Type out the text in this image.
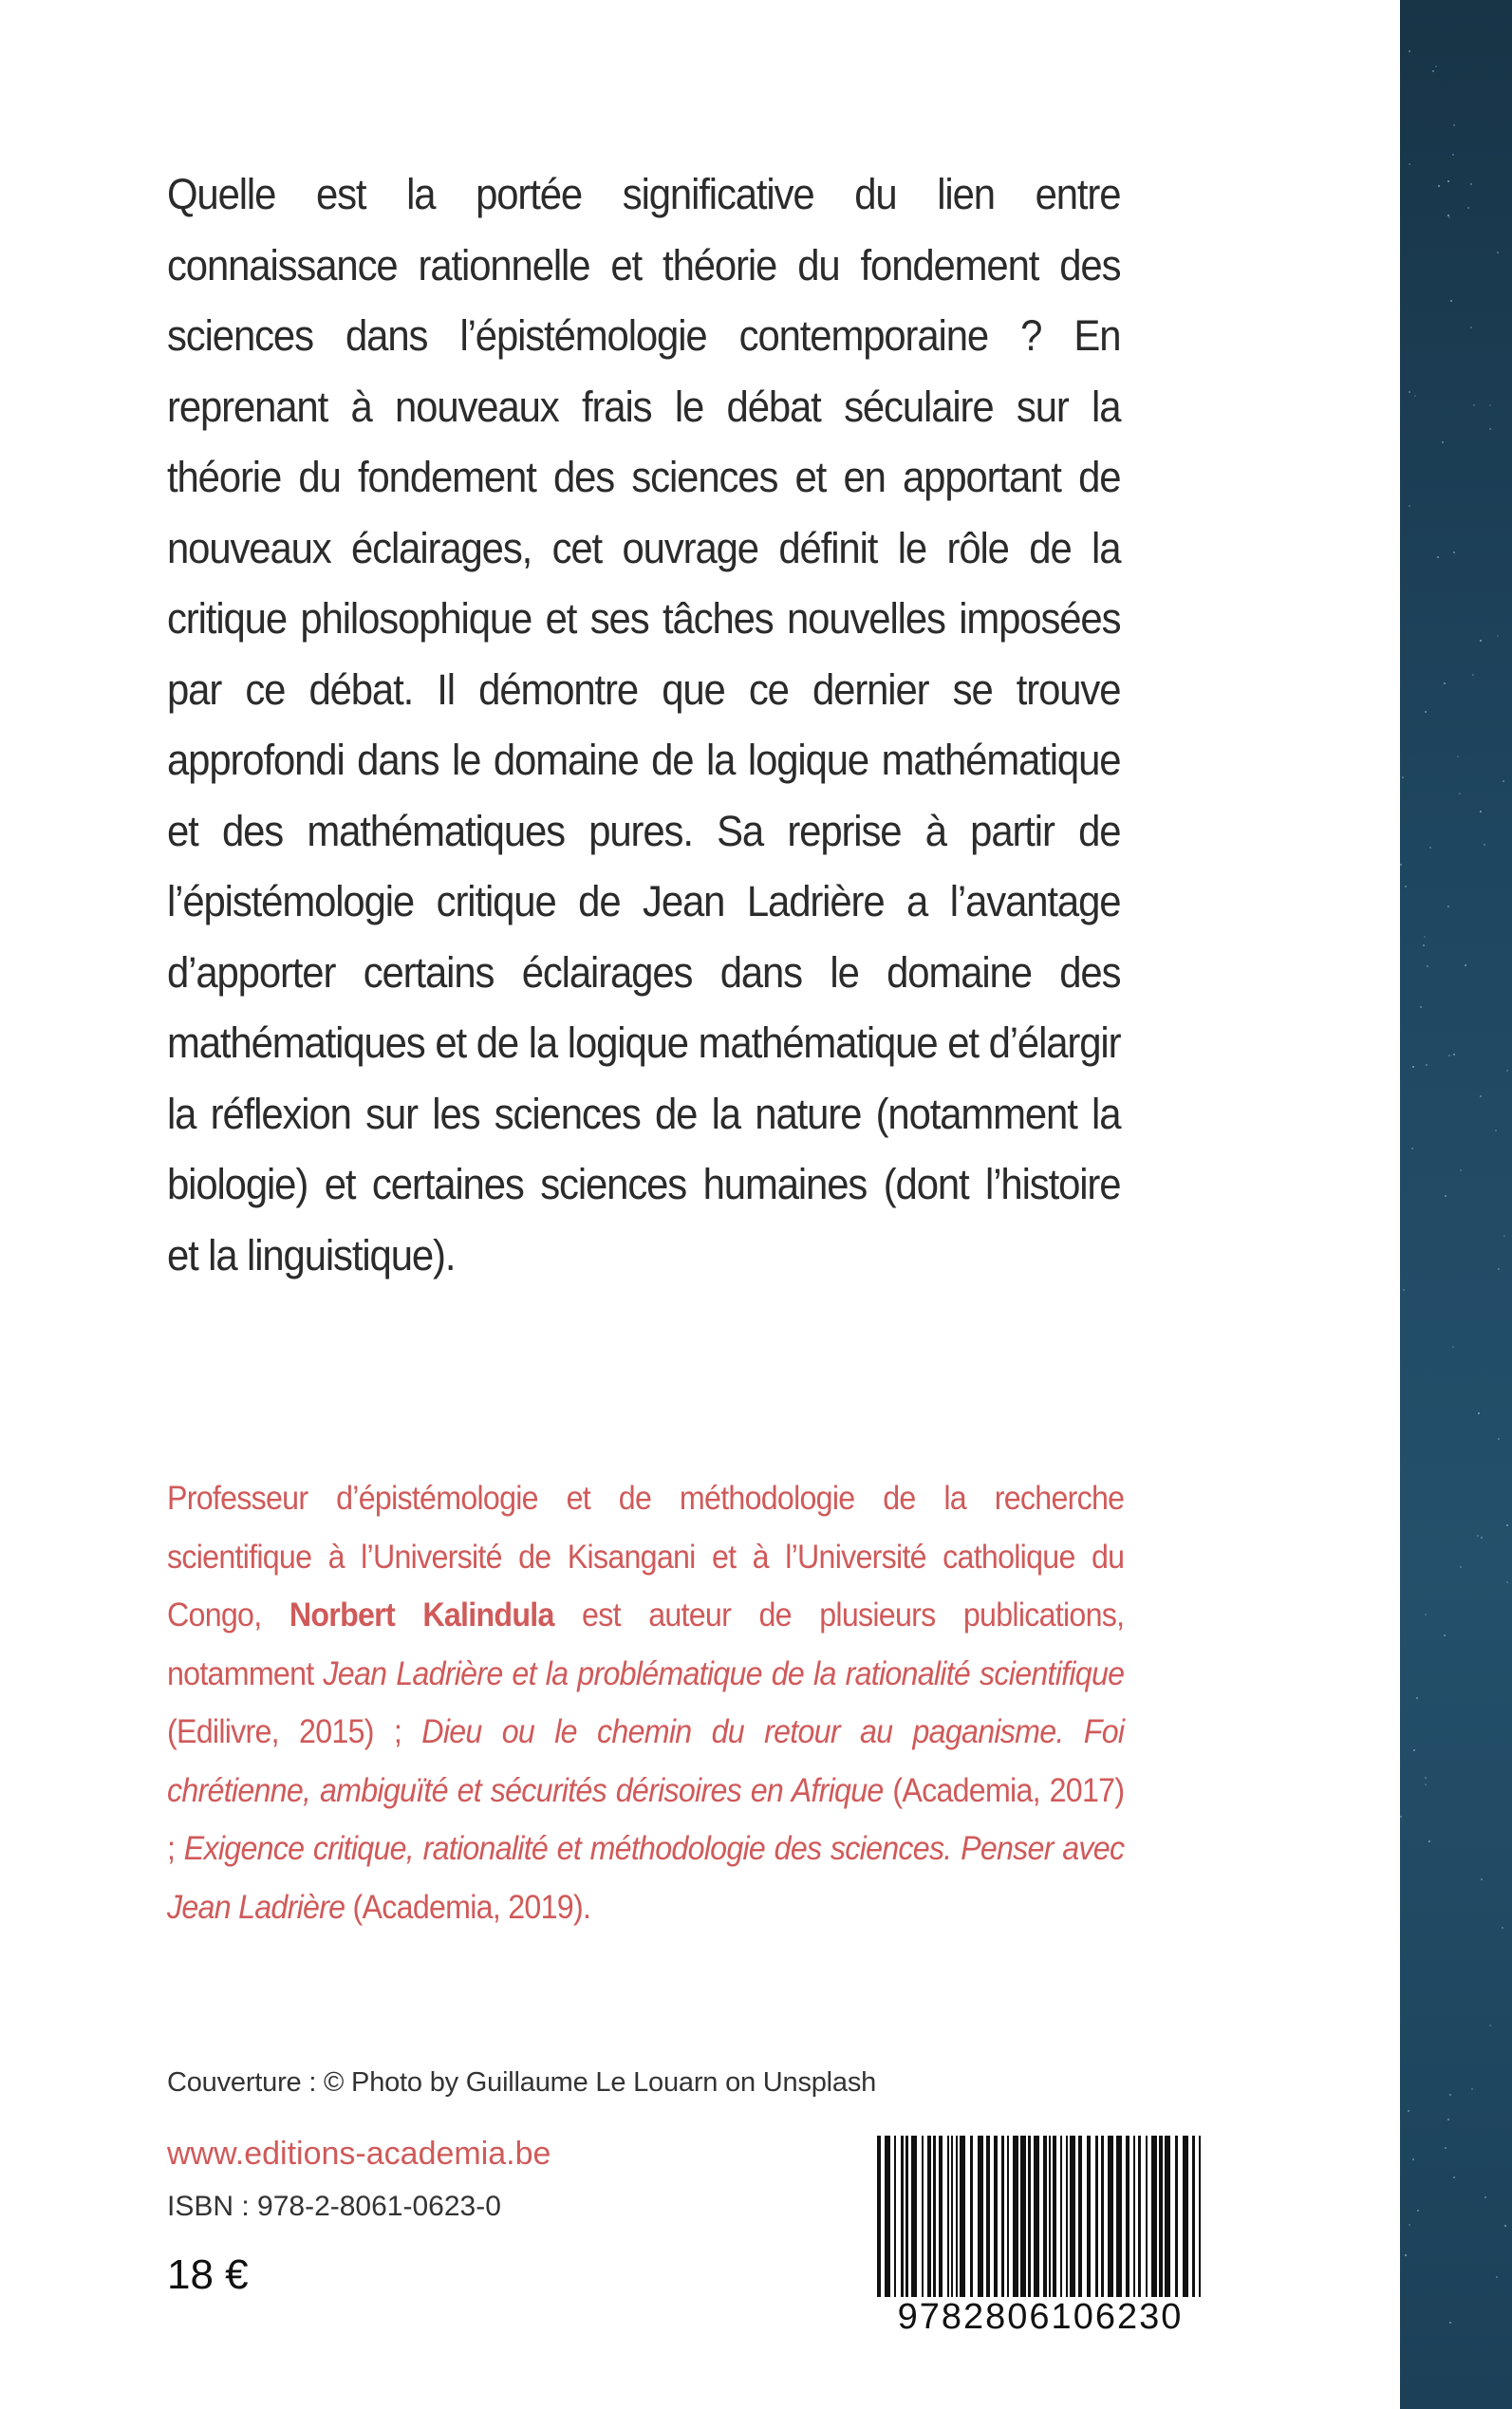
Quelle est la portée significative du lien entre connaissance rationnelle et théorie du fondement des sciences dans l’épistémologie contemporaine ? En reprenant à nouveaux frais le débat séculaire sur la théorie du fondement des sciences et en apportant de nouveaux éclairages, cet ouvrage définit le rôle de la critique philosophique et ses tâches nouvelles imposées par ce débat. Il démontre que ce dernier se trouve approfondi dans le domaine de la logique mathématique et des mathématiques pures. Sa reprise à partir de l’épistémologie critique de Jean Ladrière a l’avantage d’apporter certains éclairages dans le domaine des mathématiques et de la logique mathématique et d’élargir la réflexion sur les sciences de la nature (notamment la biologie) et certaines sciences humaines (dont l’histoire et la linguistique).

Professeur d’épistémologie et de méthodologie de la recherche scientifique à l’Université de Kisangani et à l’Université catholique du Congo, Norbert Kalindula est auteur de plusieurs publications, notamment Jean Ladrière et la problématique de la rationalité scientifique (Edilivre, 2015) ; Dieu ou le chemin du retour au paganisme. Foi chrétienne, ambiguïté et sécurités dérisoires en Afrique (Academia, 2017) ; Exigence critique, rationalité et méthodologie des sciences. Penser avec Jean Ladrière (Academia, 2019).

Couverture : © Photo by Guillaume Le Louarn on Unsplash
www.editions-academia.be
ISBN : 978-2-8061-0623-0
18 €
9782806106230
